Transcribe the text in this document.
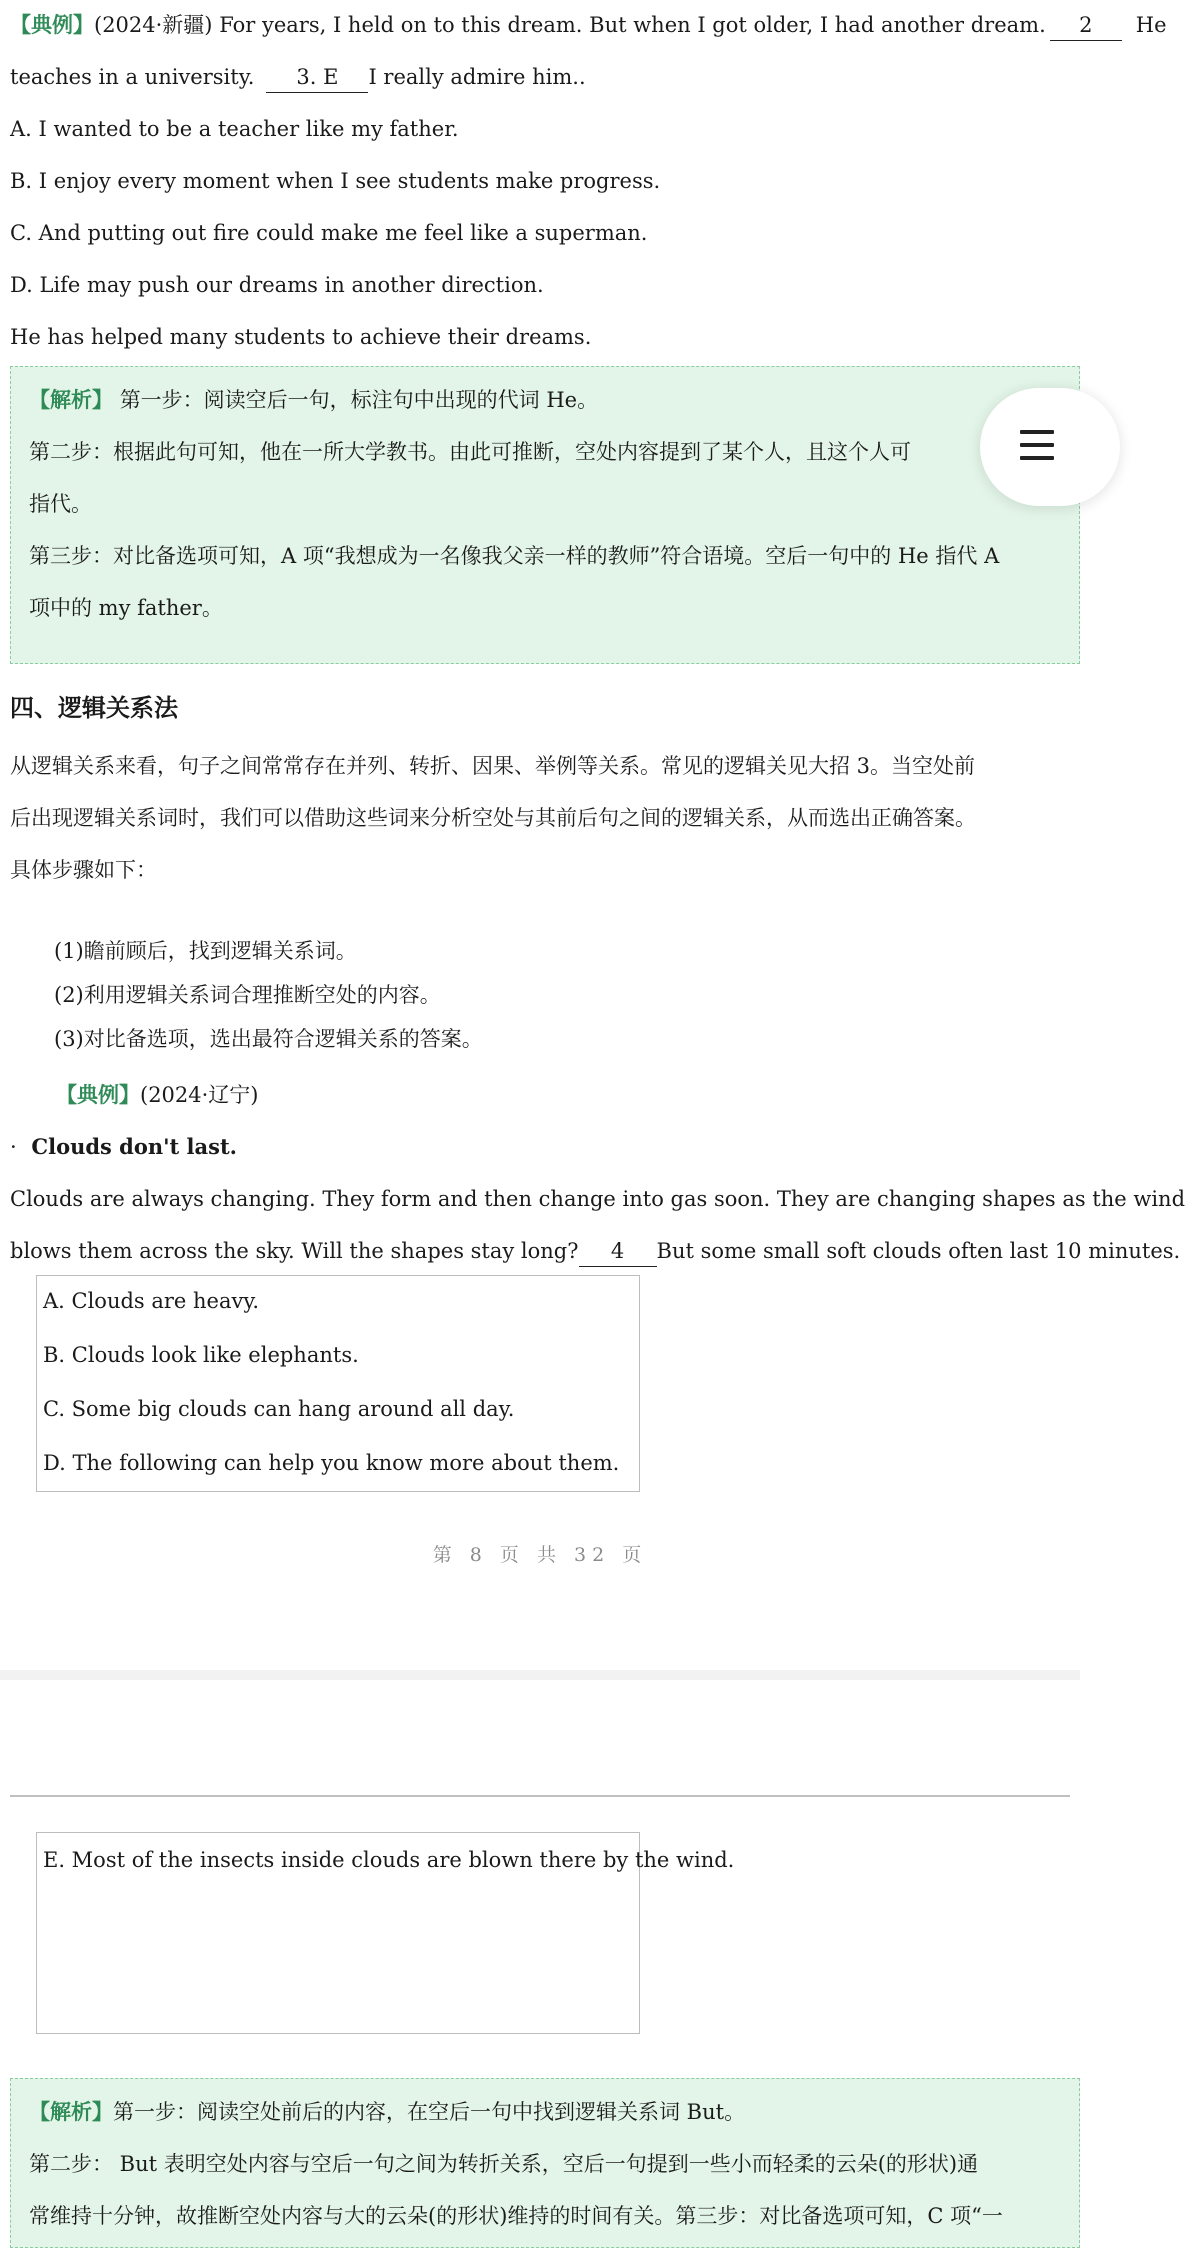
【典例】(2024·新疆) For years, I held on to this dream. But when I got older, I had another dream. 2 He
teaches in a university. 3. E I really admire him..
A. I wanted to be a teacher like my father.
B. I enjoy every moment when I see students make progress.
C. And putting out fire could make me feel like a superman.
D. Life may push our dreams in another direction.
He has helped many students to achieve their dreams.
【解析】 第一步：阅读空后一句，标注句中出现的代词 He。
第二步：根据此句可知，他在一所大学教书。由此可推断，空处内容提到了某个人，且这个人可
指代。
第三步：对比备选项可知，A 项“我想成为一名像我父亲一样的教师”符合语境。空后一句中的 He 指代 A
项中的 my father。
四、逻辑关系法
从逻辑关系来看，句子之间常常存在并列、转折、因果、举例等关系。常见的逻辑关见大招 3。当空处前
后出现逻辑关系词时，我们可以借助这些词来分析空处与其前后句之间的逻辑关系，从而选出正确答案。
具体步骤如下：
(1)瞻前顾后，找到逻辑关系词。
(2)利用逻辑关系词合理推断空处的内容。
(3)对比备选项，选出最符合逻辑关系的答案。
【典例】(2024·辽宁)
· Clouds don't last.
Clouds are always changing. They form and then change into gas soon. They are changing shapes as the wind
blows them across the sky. Will the shapes stay long? 4 But some small soft clouds often last 10 minutes.
A. Clouds are heavy.
B. Clouds look like elephants.
C. Some big clouds can hang around all day.
D. The following can help you know more about them.
第 8 页 共 32 页
E. Most of the insects inside clouds are blown there by the wind.
【解析】第一步：阅读空处前后的内容，在空后一句中找到逻辑关系词 But。
第二步： But 表明空处内容与空后一句之间为转折关系，空后一句提到一些小而轻柔的云朵(的形状)通
常维持十分钟，故推断空处内容与大的云朵(的形状)维持的时间有关。第三步：对比备选项可知，C 项“一
